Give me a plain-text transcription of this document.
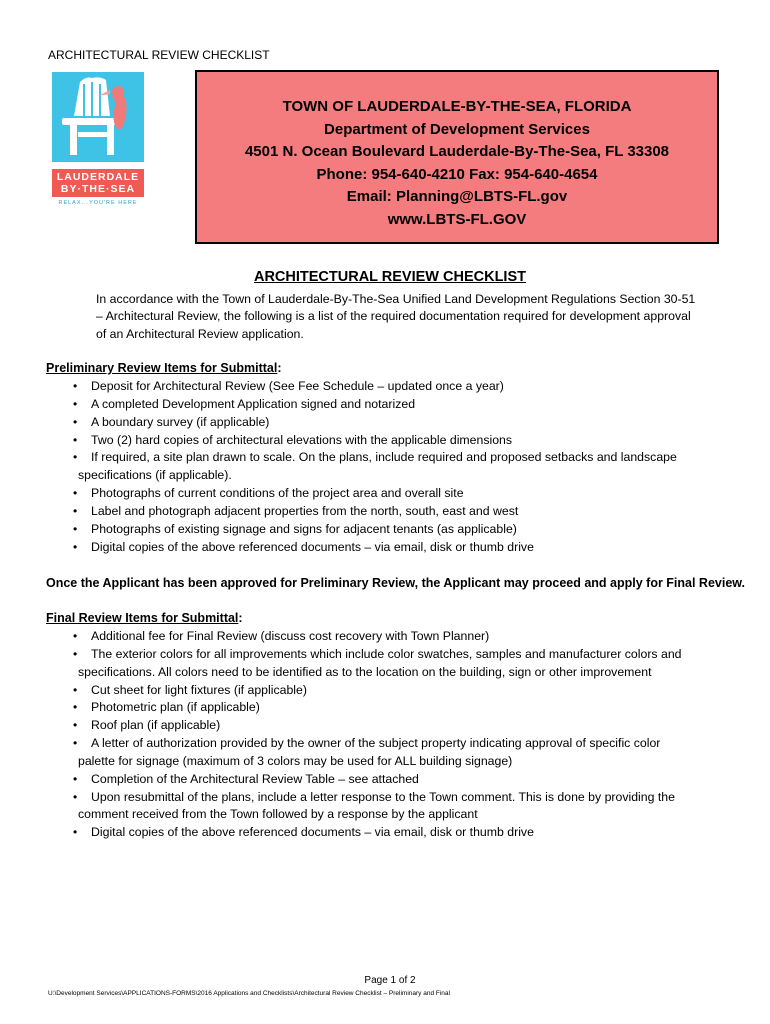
ARCHITECTURAL REVIEW CHECKLIST
LAUDERDALE
BY·THE·SEA
RELAX...YOU'RE HERE
TOWN OF LAUDERDALE-BY-THE-SEA, FLORIDA
Department of Development Services
4501 N. Ocean Boulevard Lauderdale-By-The-Sea, FL 33308
Phone: 954-640-4210 Fax: 954-640-4654
Email: Planning@LBTS-FL.gov
www.LBTS-FL.GOV
ARCHITECTURAL REVIEW CHECKLIST
In accordance with the Town of Lauderdale-By-The-Sea Unified Land Development Regulations Section 30-51
– Architectural Review, the following is a list of the required documentation required for development approval
of an Architectural Review application.
Preliminary Review Items for Submittal:
• Deposit for Architectural Review (See Fee Schedule – updated once a year)
• A completed Development Application signed and notarized
• A boundary survey (if applicable)
• Two (2) hard copies of architectural elevations with the applicable dimensions
• If required, a site plan drawn to scale. On the plans, include required and proposed setbacks and landscape
specifications (if applicable).
• Photographs of current conditions of the project area and overall site
• Label and photograph adjacent properties from the north, south, east and west
• Photographs of existing signage and signs for adjacent tenants (as applicable)
• Digital copies of the above referenced documents – via email, disk or thumb drive
Once the Applicant has been approved for Preliminary Review, the Applicant may proceed and apply for Final Review.
Final Review Items for Submittal:
• Additional fee for Final Review (discuss cost recovery with Town Planner)
• The exterior colors for all improvements which include color swatches, samples and manufacturer colors and
specifications. All colors need to be identified as to the location on the building, sign or other improvement
• Cut sheet for light fixtures (if applicable)
• Photometric plan (if applicable)
• Roof plan (if applicable)
• A letter of authorization provided by the owner of the subject property indicating approval of specific color
palette for signage (maximum of 3 colors may be used for ALL building signage)
• Completion of the Architectural Review Table – see attached
• Upon resubmittal of the plans, include a letter response to the Town comment. This is done by providing the
comment received from the Town followed by a response by the applicant
• Digital copies of the above referenced documents – via email, disk or thumb drive
Page 1 of 2
U:\Development Services\APPLICATIONS-FORMS\2016 Applications and Checklists\Architectural Review Checklist – Preliminary and Final
